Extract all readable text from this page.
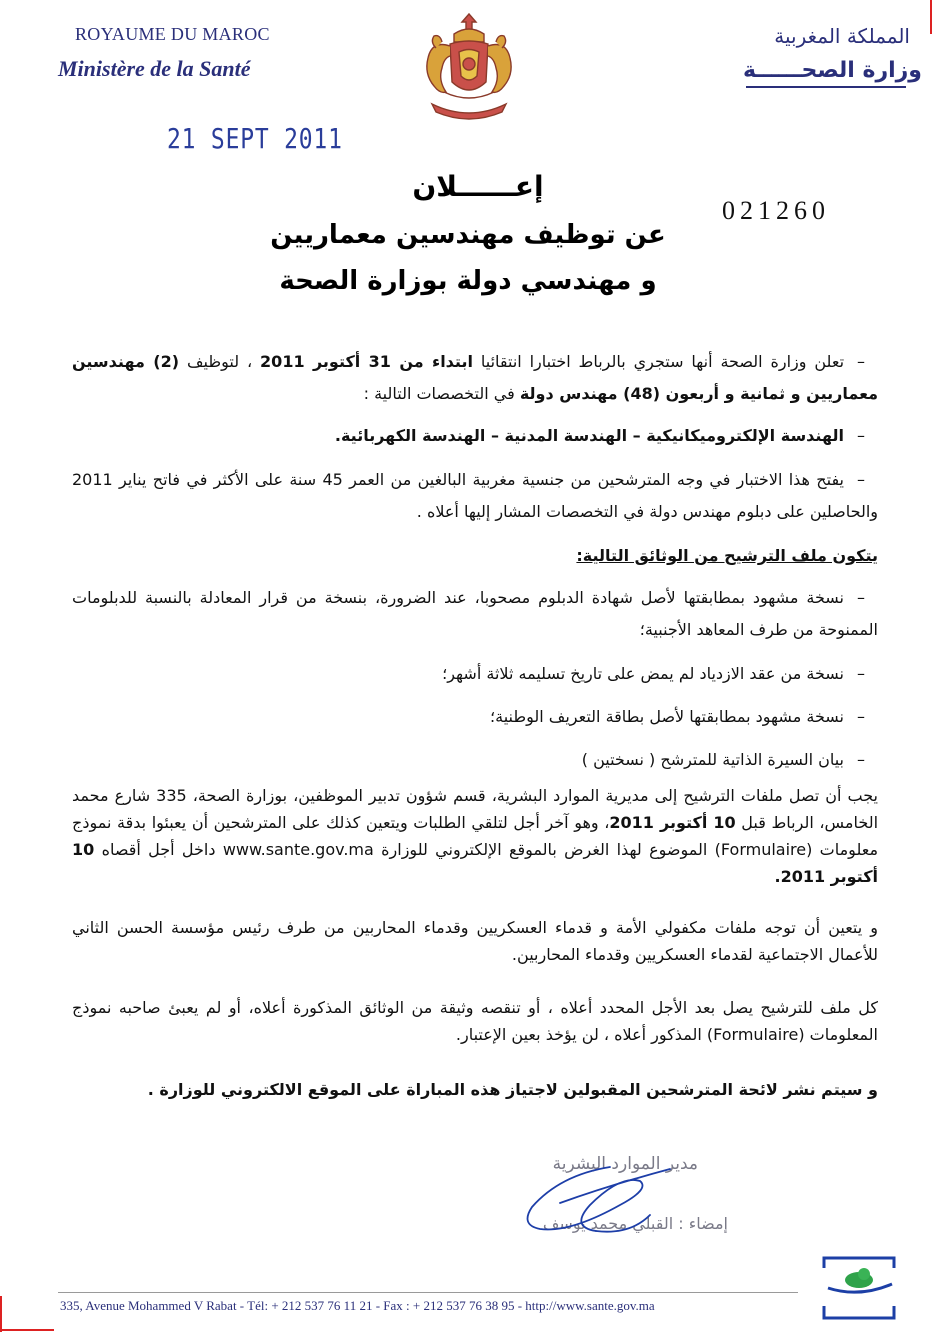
ROYAUME DU MAROC
Ministère de la Santé
المملكة المغربية
وزارة الصحــــــة
21 SEPT 2011
021260
إعــــــلان
عن توظيف مهندسين معماريين
و مهندسي دولة بوزارة الصحة
–تعلن وزارة الصحة أنها ستجري بالرباط اختبارا انتقائيا ابتداء من 31 أكتوبر 2011 ، لتوظيف (2) مهندسين معماريين و ثمانية و أربعون (48) مهندس دولة في التخصصات التالية :
–الهندسة الإلكتروميكانيكية – الهندسة المدنية – الهندسة الكهربائية.
–يفتح هذا الاختبار في وجه المترشحين من جنسية مغربية البالغين من العمر 45 سنة على الأكثر في فاتح يناير 2011 والحاصلين على دبلوم مهندس دولة في التخصصات المشار إليها أعلاه .
يتكون ملف الترشيح من الوثائق التالية:
–نسخة مشهود بمطابقتها لأصل شهادة الدبلوم مصحوبا، عند الضرورة، بنسخة من قرار المعادلة بالنسبة للدبلومات الممنوحة من طرف المعاهد الأجنبية؛
–نسخة من عقد الازدياد لم يمض على تاريخ تسليمه ثلاثة أشهر؛
–نسخة مشهود بمطابقتها لأصل بطاقة التعريف الوطنية؛
–بيان السيرة الذاتية للمترشح ( نسختين )
يجب أن تصل ملفات الترشيح إلى مديرية الموارد البشرية، قسم شؤون تدبير الموظفين، بوزارة الصحة، 335 شارع محمد الخامس، الرباط قبل 10 أكتوبر 2011، وهو آخر أجل لتلقي الطلبات ويتعين كذلك على المترشحين أن يعبئوا بدقة نموذج معلومات (Formulaire) الموضوع لهذا الغرض بالموقع الإلكتروني للوزارة www.sante.gov.ma داخل أجل أقصاه 10 أكتوبر 2011.
و يتعين أن توجه ملفات مكفولي الأمة و قدماء العسكريين وقدماء المحاربين من طرف رئيس مؤسسة الحسن الثاني للأعمال الاجتماعية لقدماء العسكريين وقدماء المحاربين.
كل ملف للترشيح يصل بعد الأجل المحدد أعلاه ، أو تنقصه وثيقة من الوثائق المذكورة أعلاه، أو لم يعبئ صاحبه نموذج المعلومات (Formulaire) المذكور أعلاه ، لن يؤخذ بعين الإعتبار.
و سيتم نشر لائحة المترشحين المقبولين لاجتياز هذه المباراة على الموقع الالكتروني للوزارة .
مدير الموارد البشرية
إمضاء : القبلي محمد يوسف
335, Avenue Mohammed V Rabat - Tél: + 212 537 76 11 21 - Fax : + 212 537 76 38 95 - http://www.sante.gov.ma
